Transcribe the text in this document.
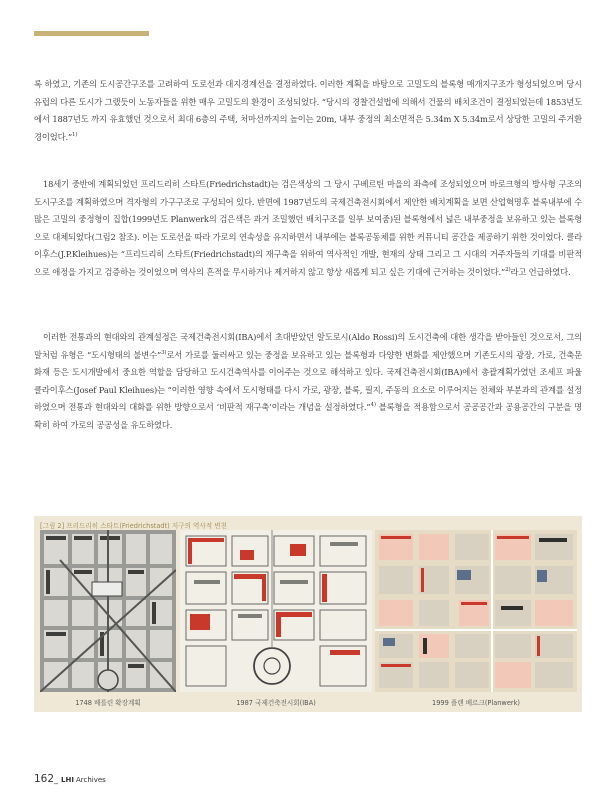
록 하였고, 기존의 도시공간구조를 고려하여 도로선과 대지경계선을 결정하였다. 이러한 계획을 바탕으로 고밀도의 블록형 매개지구조가 형성되었으며 당시 유럽의 다른 도시가 그랬듯이 노동자들을 위한 매우 고밀도의 환경이 조성되었다. “당시의 경찰건설법에 의해서 건물의 배치조건이 결정되었는데 1853년도에서 1887년도 까지 유효했던 것으로서 최대 6층의 주택, 처마선까지의 높이는 20m, 내부 중정의 최소면적은 5.34m X 5.34m로서 상당한 고밀의 주거환경이었다.”$^{1)}$

18세기 중반에 계획되었던 프리드리히 스타트(Friedrichstadt)는 검은색상의 그 당시 구베르틴 마을의 좌측에 조성되었으며 바로크형의 방사형 구조의 도시구조를 계획하였으며 격자형의 가구구조로 구성되어 있다. 반면에 1987년도의 국제건축전시회에서 제안한 배치계획을 보면 산업혁명후 블록내부에 수많은 고밀의 중정형이 집합(1999년도 Planwerk의 검은색은 과거 조밀했던 배치구조를 일부 보여줌)된 블록형에서 넓은 내부중정을 보유하고 있는 블록형으로 대체되었다(그림2 참조). 이는 도로선을 따라 가로의 연속성을 유지하면서 내부에는 블록공동체를 위한 커뮤니티 공간을 제공하기 위한 것이었다. 클라이후스(J.P.Kleihues)는 “프리드리히 스타트(Friedrichstadt)의 재구축을 위하여 역사적인 개발, 현재의 상태 그리고 그 시대의 거주자들의 기대를 비판적으로 애정을 가지고 검증하는 것이었으며 역사의 흔적을 무시하거나 제거하지 않고 항상 새롭게 되고 싶은 기대에 근거하는 것이었다.”$^{2)}$라고 언급하였다.

이러한 전통과의 현대와의 관계설정은 국제건축전시회(IBA)에서 초대받았던 알도로시(Aldo Rossi)의 도시건축에 대한 생각을 받아들인 것으로서, 그의 말처럼 유형은 “도시형태의 불변수”$^{3)}$로서 가로를 둘러싸고 있는 중정을 보유하고 있는 블록형과 다양한 변화를 제안했으며 기존도시의 광장, 가로, 건축문화재 등은 도시개발에서 중요한 역할을 담당하고 도시건축역사를 이어주는 것으로 해석하고 있다. 국제건축전시회(IBA)에서 총괄계획가였던 조세프 파울 클라이후스(Josef Paul Kleihues)는 “이러한 영향 속에서 도시형태를 다시 가로, 광장, 블록, 필지, 주동의 요소로 이루어지는 전체와 부분과의 관계를 설정하였으며 전통과 현대와의 대화를 위한 방향으로서 ‘비판적 재구축’이라는 개념을 설정하였다.”$^{4)}$ 블록형을 적용함으로서 공공공간과 공용공간의 구분을 명확히 하여 가로의 공공성을 유도하였다.

[그림 2] 프리드리히 스타트(Friedrichstadt) 지구의 역사적 변천

1748 베를린 확장계획	1987 국제건축전시회(IBA)	1999 플랜 베르크(Planwerk)

162_ LHI Archives
